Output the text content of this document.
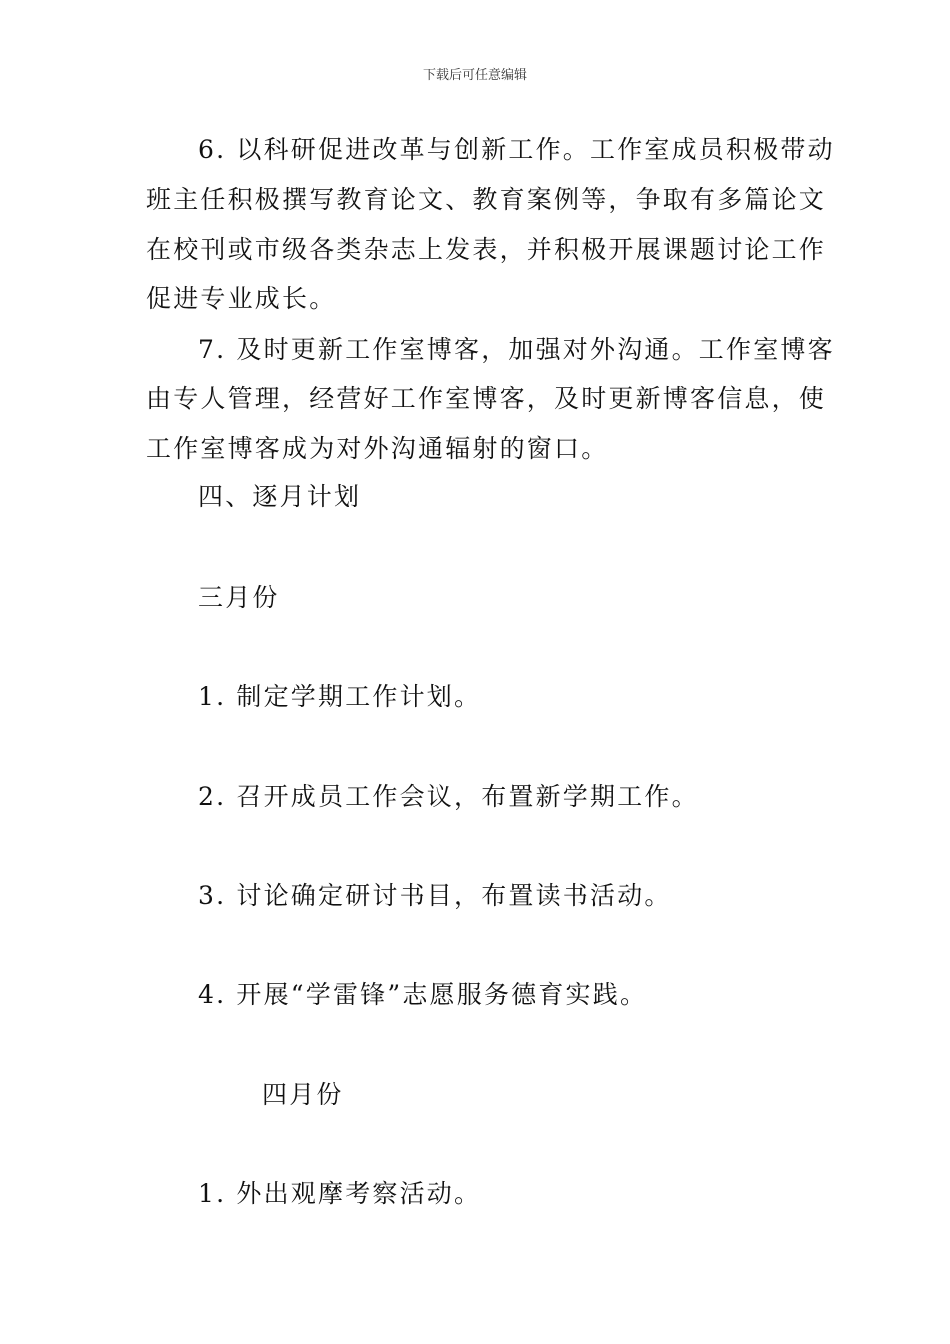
下载后可任意编辑
6. 以科研促进改革与创新工作。工作室成员积极带动
班主任积极撰写教育论文、教育案例等，争取有多篇论文
在校刊或市级各类杂志上发表，并积极开展课题讨论工作
促进专业成长。
7. 及时更新工作室博客，加强对外沟通。工作室博客
由专人管理，经营好工作室博客，及时更新博客信息，使
工作室博客成为对外沟通辐射的窗口。
四、逐月计划
三月份
1. 制定学期工作计划。
2. 召开成员工作会议，布置新学期工作。
3. 讨论确定研讨书目，布置读书活动。
4. 开展“学雷锋”志愿服务德育实践。
四月份
1. 外出观摩考察活动。
